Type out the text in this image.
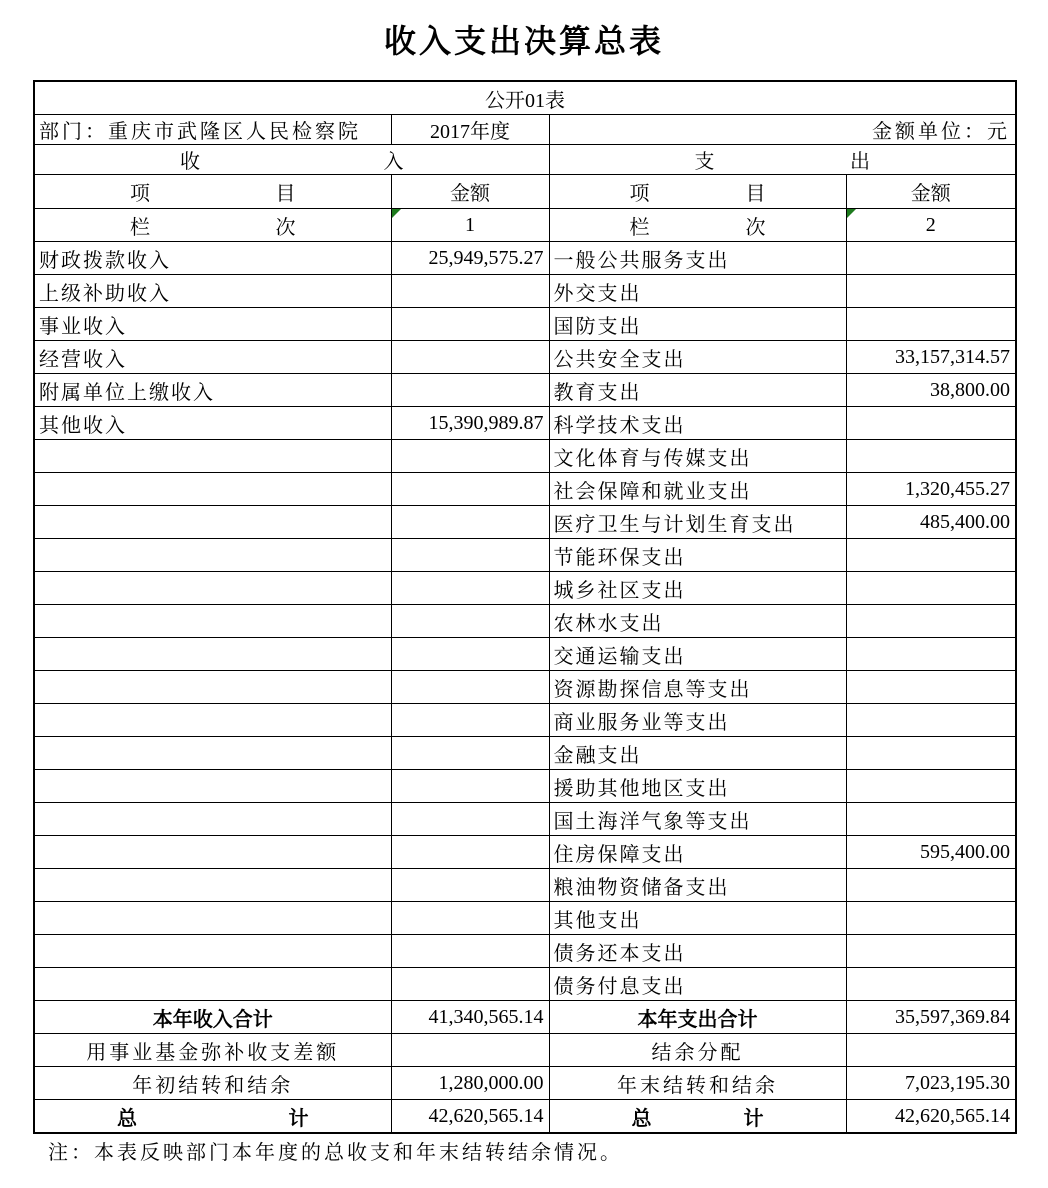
收入支出决算总表
公开01表			
部门：重庆市武隆区人民检察院	2017年度	金额单位：元	

收 入		支 出	

项 目	金额	项 目	金额

栏 次	1	栏 次	2
财政拨款收入	25,949,575.27	一般公共服务支出	
上级补助收入		外交支出	
事业收入		国防支出	
经营收入		公共安全支出	33,157,314.57
附属单位上缴收入		教育支出	38,800.00
其他收入	15,390,989.87	科学技术支出	
		文化体育与传媒支出	
		社会保障和就业支出	1,320,455.27
		医疗卫生与计划生育支出	485,400.00
		节能环保支出	
		城乡社区支出	
		农林水支出	
		交通运输支出	
		资源勘探信息等支出	
		商业服务业等支出	
		金融支出	
		援助其他地区支出	
		国土海洋气象等支出	
		住房保障支出	595,400.00
		粮油物资储备支出	
		其他支出	
		债务还本支出	
		债务付息支出	
本年收入合计	41,340,565.14	本年支出合计	35,597,369.84
用事业基金弥补收支差额		结余分配	
年初结转和结余	1,280,000.00	年末结转和结余	7,023,195.30

总 计	42,620,565.14	总 计	42,620,565.14
注：本表反映部门本年度的总收支和年末结转结余情况。
